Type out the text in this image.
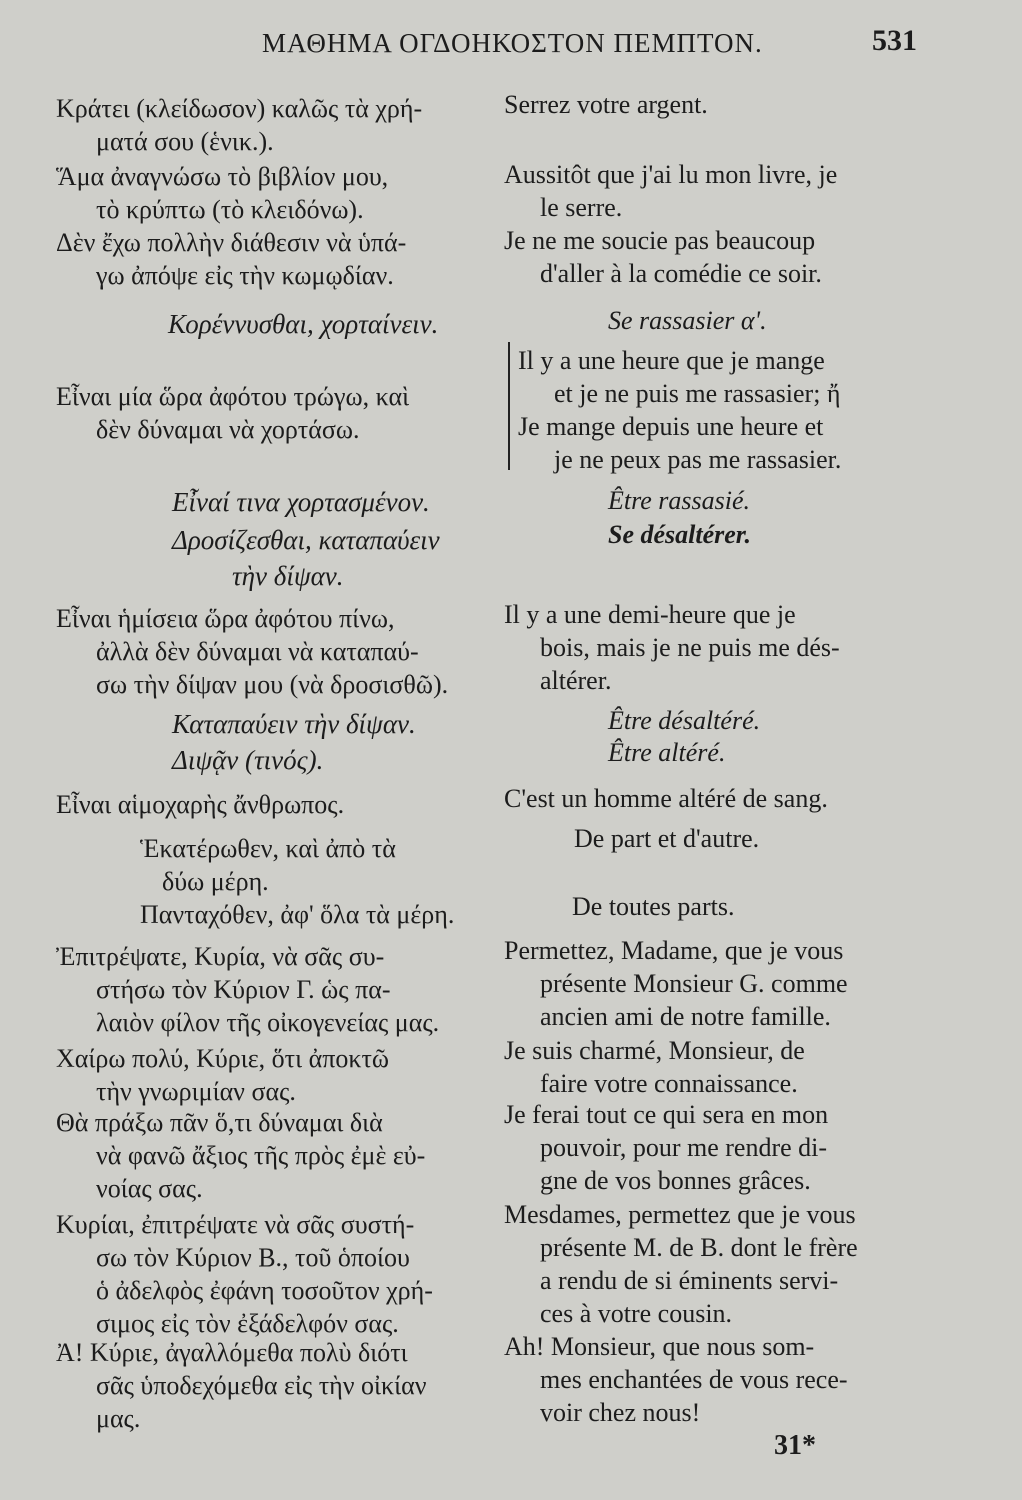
ΜΑΘΗΜΑ ΟΓΔΟΗΚΟΣΤΟΝ ΠΕΜΠΤΟΝ.	531
Κράτει (κλείδωσον) καλῶς τὰ χρή-
ματά σου (ἑνικ.).
Serrez votre argent.
Ἅμα ἀναγνώσω τὸ βιβλίον μου,
τὸ κρύπτω (τὸ κλειδόνω).
Aussitôt que j'ai lu mon livre, je
le serre.
Δὲν ἔχω πολλὴν διάθεσιν νὰ ὑπά-
γω ἀπόψε εἰς τὴν κωμῳδίαν.
Je ne me soucie pas beaucoup
d'aller à la comédie ce soir.
Κορέννυσθαι, χορταίνειν.	Se rassasier α'.
Εἶναι μία ὥρα ἀφότου τρώγω, καὶ
δὲν δύναμαι νὰ χορτάσω.
Il y a une heure que je mange
et je ne puis me rassasier; ἤ
Je mange depuis une heure et
je ne peux pas me rassasier.
Εἶναί τινα χορτασμένον.
Δροσίζεσθαι, καταπαύειν
τὴν δίψαν.
Être rassasié.
Se désaltérer.
Εἶναι ἡμίσεια ὥρα ἀφότου πίνω,
ἀλλὰ δὲν δύναμαι νὰ καταπαύ-
σω τὴν δίψαν μου (νὰ δροσισθῶ).
Il y a une demi-heure que je
bois, mais je ne puis me dés-
altérer.
Καταπαύειν τὴν δίψαν.
Διψᾷν (τινός).
Être désaltéré.
Être altéré.
Εἶναι αἱμοχαρὴς ἄνθρωπος.	C'est un homme altéré de sang.
Ἑκατέρωθεν, καὶ ἀπὸ τὰ
δύω μέρη.
De part et d'autre.
Πανταχόθεν, ἀφ' ὅλα τὰ μέρη.	De toutes parts.
Ἐπιτρέψατε, Κυρία, νὰ σᾶς συ-
στήσω τὸν Κύριον Γ. ὡς πα-
λαιὸν φίλον τῆς οἰκογενείας μας.
Permettez, Madame, que je vous
présente Monsieur G. comme
ancien ami de notre famille.
Χαίρω πολύ, Κύριε, ὅτι ἀποκτῶ
τὴν γνωριμίαν σας.
Je suis charmé, Monsieur, de
faire votre connaissance.
Θὰ πράξω πᾶν ὅ,τι δύναμαι διὰ
νὰ φανῶ ἄξιος τῆς πρὸς ἐμὲ εὐ-
νοίας σας.
Je ferai tout ce qui sera en mon
pouvoir, pour me rendre di-
gne de vos bonnes grâces.
Κυρίαι, ἐπιτρέψατε νὰ σᾶς συστή-
σω τὸν Κύριον Β., τοῦ ὁποίου
ὁ ἀδελφὸς ἐφάνη τοσοῦτον χρή-
σιμος εἰς τὸν ἐξάδελφόν σας.
Mesdames, permettez que je vous
présente M. de B. dont le frère
a rendu de si éminents servi-
ces à votre cousin.
Ἀ! Κύριε, ἀγαλλόμεθα πολὺ διότι
σᾶς ὑποδεχόμεθα εἰς τὴν οἰκίαν
μας.
Ah! Monsieur, que nous som-
mes enchantées de vous rece-
voir chez nous!
31*
